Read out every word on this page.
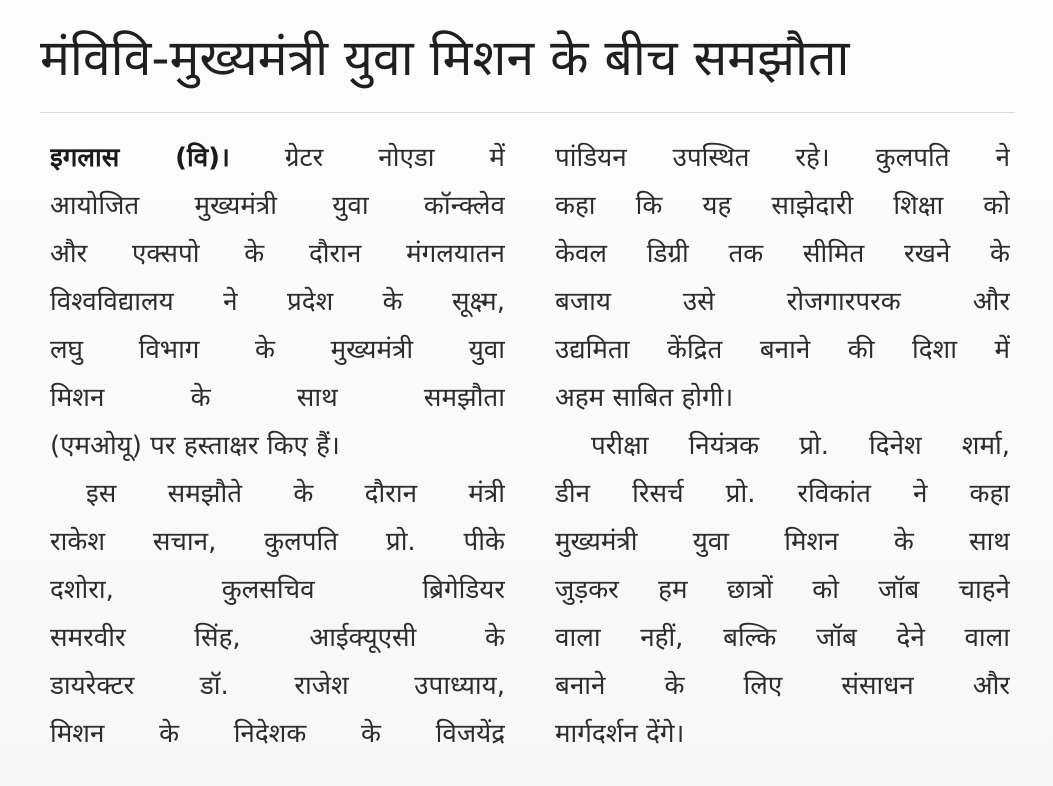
मंविवि-मुख्यमंत्री युवा मिशन के बीच समझौता
इगलास (वि)। ग्रेटर नोएडा में
आयोजित मुख्यमंत्री युवा कॉन्क्लेव
और एक्सपो के दौरान मंगलयातन
विश्वविद्यालय ने प्रदेश के सूक्ष्म,
लघु विभाग के मुख्यमंत्री युवा
मिशन के साथ समझौता
(एमओयू) पर हस्ताक्षर किए हैं।
इस समझौते के दौरान मंत्री
राकेश सचान, कुलपति प्रो. पीके
दशोरा, कुलसचिव ब्रिगेडियर
समरवीर सिंह, आईक्यूएसी के
डायरेक्टर डॉ. राजेश उपाध्याय,
मिशन के निदेशक के विजयेंद्र
पांडियन उपस्थित रहे। कुलपति ने
कहा कि यह साझेदारी शिक्षा को
केवल डिग्री तक सीमित रखने के
बजाय उसे रोजगारपरक और
उद्यमिता केंद्रित बनाने की दिशा में
अहम साबित होगी।
परीक्षा नियंत्रक प्रो. दिनेश शर्मा,
डीन रिसर्च प्रो. रविकांत ने कहा
मुख्यमंत्री युवा मिशन के साथ
जुड़कर हम छात्रों को जॉब चाहने
वाला नहीं, बल्कि जॉब देने वाला
बनाने के लिए संसाधन और
मार्गदर्शन देंगे।
